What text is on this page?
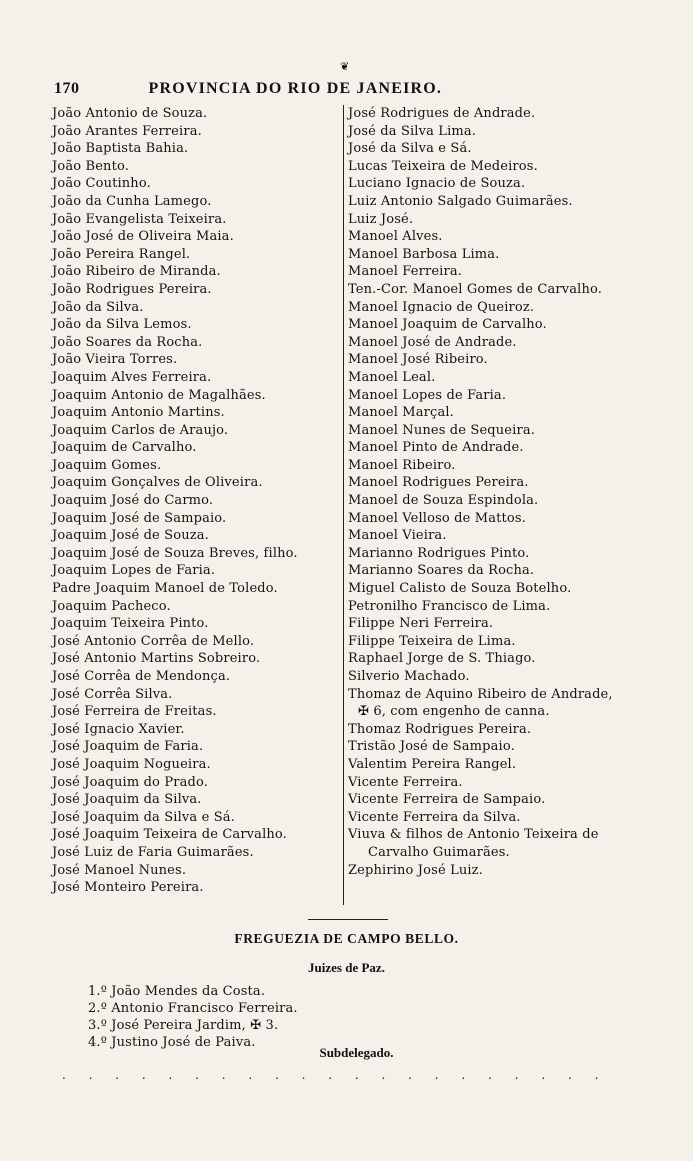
❦
170	PROVINCIA DO RIO DE JANEIRO.
João Antonio de Souza.
João Arantes Ferreira.
João Baptista Bahia.
João Bento.
João Coutinho.
João da Cunha Lamego.
João Evangelista Teixeira.
João José de Oliveira Maia.
João Pereira Rangel.
João Ribeiro de Miranda.
João Rodrigues Pereira.
João da Silva.
João da Silva Lemos.
João Soares da Rocha.
João Vieira Torres.
Joaquim Alves Ferreira.
Joaquim Antonio de Magalhães.
Joaquim Antonio Martins.
Joaquim Carlos de Araujo.
Joaquim de Carvalho.
Joaquim Gomes.
Joaquim Gonçalves de Oliveira.
Joaquim José do Carmo.
Joaquim José de Sampaio.
Joaquim José de Souza.
Joaquim José de Souza Breves, filho.
Joaquim Lopes de Faria.
Padre Joaquim Manoel de Toledo.
Joaquim Pacheco.
Joaquim Teixeira Pinto.
José Antonio Corrêa de Mello.
José Antonio Martins Sobreiro.
José Corrêa de Mendonça.
José Corrêa Silva.
José Ferreira de Freitas.
José Ignacio Xavier.
José Joaquim de Faria.
José Joaquim Nogueira.
José Joaquim do Prado.
José Joaquim da Silva.
José Joaquim da Silva e Sá.
José Joaquim Teixeira de Carvalho.
José Luiz de Faria Guimarães.
José Manoel Nunes.
José Monteiro Pereira.
José Rodrigues de Andrade.
José da Silva Lima.
José da Silva e Sá.
Lucas Teixeira de Medeiros.
Luciano Ignacio de Souza.
Luiz Antonio Salgado Guimarães.
Luiz José.
Manoel Alves.
Manoel Barbosa Lima.
Manoel Ferreira.
Ten.-Cor. Manoel Gomes de Carvalho.
Manoel Ignacio de Queiroz.
Manoel Joaquim de Carvalho.
Manoel José de Andrade.
Manoel José Ribeiro.
Manoel Leal.
Manoel Lopes de Faria.
Manoel Marçal.
Manoel Nunes de Sequeira.
Manoel Pinto de Andrade.
Manoel Ribeiro.
Manoel Rodrigues Pereira.
Manoel de Souza Espindola.
Manoel Velloso de Mattos.
Manoel Vieira.
Marianno Rodrigues Pinto.
Marianno Soares da Rocha.
Miguel Calisto de Souza Botelho.
Petronilho Francisco de Lima.
Filippe Neri Ferreira.
Filippe Teixeira de Lima.
Raphael Jorge de S. Thiago.
Silverio Machado.
Thomaz de Aquino Ribeiro de Andrade,
✠ 6, com engenho de canna.
Thomaz Rodrigues Pereira.
Tristão José de Sampaio.
Valentim Pereira Rangel.
Vicente Ferreira.
Vicente Ferreira de Sampaio.
Vicente Ferreira da Silva.
Viuva & filhos de Antonio Teixeira de
Carvalho Guimarães.
Zephirino José Luiz.
FREGUEZIA DE CAMPO BELLO.
Juizes de Paz.
1.º João Mendes da Costa.
2.º Antonio Francisco Ferreira.
3.º José Pereira Jardim, ✠ 3.
4.º Justino José de Paiva.
Subdelegado.
. . . . . . . . . . . . . . . . . . . . .
